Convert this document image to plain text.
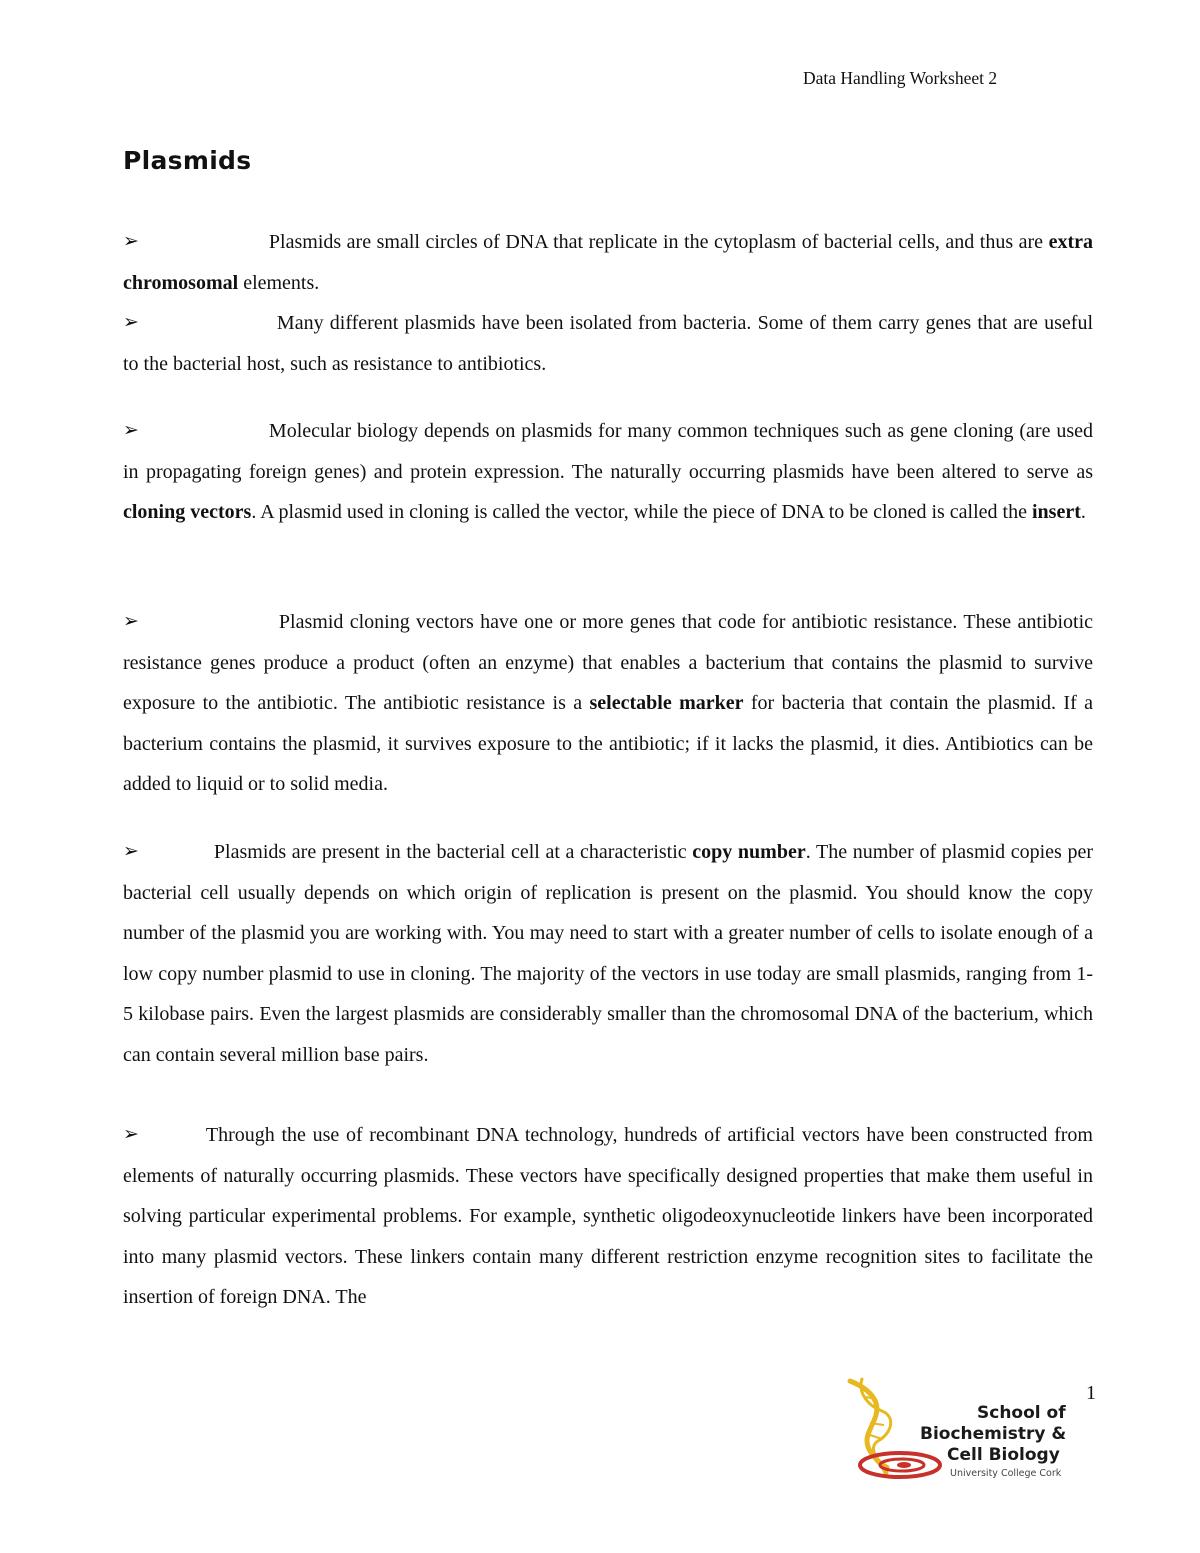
Data Handling Worksheet 2
Plasmids

➢	Plasmids are small circles of DNA that replicate in the cytoplasm of bacterial cells, and thus are extra chromosomal elements.

➢	Many different plasmids have been isolated from bacteria. Some of them carry genes that are useful to the bacterial host, such as resistance to antibiotics.

➢	Molecular biology depends on plasmids for many common techniques such as gene cloning (are used in propagating foreign genes) and protein expression. The naturally occurring plasmids have been altered to serve as cloning vectors. A plasmid used in cloning is called the vector, while the piece of DNA to be cloned is called the insert.

➢	Plasmid cloning vectors have one or more genes that code for antibiotic resistance. These antibiotic resistance genes produce a product (often an enzyme) that enables a bacterium that contains the plasmid to survive exposure to the antibiotic. The antibiotic resistance is a selectable marker for bacteria that contain the plasmid. If a bacterium contains the plasmid, it survives exposure to the antibiotic; if it lacks the plasmid, it dies. Antibiotics can be added to liquid or to solid media.

➢	Plasmids are present in the bacterial cell at a characteristic copy number. The number of plasmid copies per bacterial cell usually depends on which origin of replication is present on the plasmid. You should know the copy number of the plasmid you are working with. You may need to start with a greater number of cells to isolate enough of a low copy number plasmid to use in cloning. The majority of the vectors in use today are small plasmids, ranging from 1-5 kilobase pairs. Even the largest plasmids are considerably smaller than the chromosomal DNA of the bacterium, which can contain several million base pairs.

➢	Through the use of recombinant DNA technology, hundreds of artificial vectors have been constructed from elements of naturally occurring plasmids. These vectors have specifically designed properties that make them useful in solving particular experimental problems. For example, synthetic oligodeoxynucleotide linkers have been incorporated into many plasmid vectors. These linkers contain many different restriction enzyme recognition sites to facilitate the insertion of foreign DNA. The

1
School of
Biochemistry &
Cell Biology
University College Cork
